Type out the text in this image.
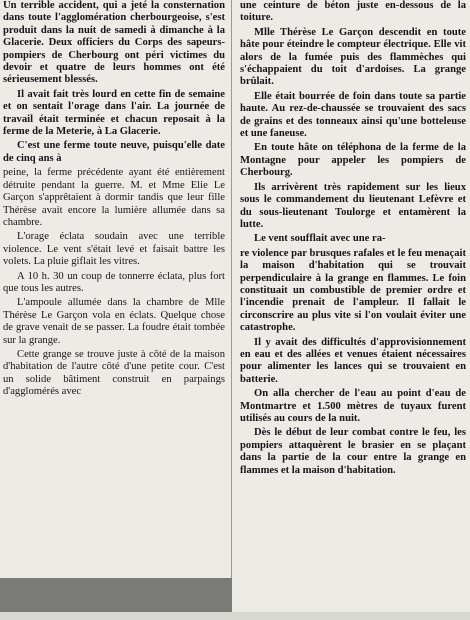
Un terrible accident, qui a jeté la consternation dans toute l'agglomération cherbourgeoise, s'est produit dans la nuit de samedi à dimanche à la Glacerie. Deux officiers du Corps des sapeurs-pompiers de Cherbourg ont péri victimes du devoir et quatre de leurs hommes ont été sérieusement blessés.

Il avait fait très lourd en cette fin de semaine et on sentait l'orage dans l'air. La journée de travail était terminée et chacun reposait à la ferme de la Meterie, à La Glacerie.

C'est une ferme toute neuve, puisqu'elle date de cinq ans à

peine, la ferme précédente ayant été entièrement détruite pendant la guerre. M. et Mme Elie Le Garçon s'apprêtaient à dormir tandis que leur fille Thérèse avait encore la lumière allumée dans sa chambre.

L'orage éclata soudain avec une terrible violence. Le vent s'était levé et faisait battre les volets. La pluie giflait les vitres.

A 10 h. 30 un coup de tonnerre éclata, plus fort que tous les autres.

L'ampoule allumée dans la chambre de Mlle Thérèse Le Garçon vola en éclats. Quelque chose de grave venait de se passer. La foudre était tombée sur la grange.

Cette grange se trouve juste à côté de la maison d'habitation de l'autre côté d'une petite cour. C'est un solide bâtiment construit en parpaings d'agglomérés avec

une ceinture de béton juste en-dessous de la toiture.

Mlle Thérèse Le Garçon descendit en toute hâte pour éteindre le compteur électrique. Elle vit alors de la fumée puis des flammèches qui s'échappaient du toit d'ardoises. La grange brûlait.

Elle était bourrée de foin dans toute sa partie haute. Au rez-de-chaussée se trouvaient des sacs de grains et des tonneaux ainsi qu'une botteleuse et une faneuse.

En toute hâte on téléphona de la ferme de la Montagne pour appeler les pompiers de Cherbourg.

Ils arrivèrent très rapidement sur les lieux sous le commandement du lieutenant Lefèvre et du sous-lieutenant Toulorge et entamèrent la lutte.

Le vent soufflait avec une ra-

re violence par brusques rafales et le feu menaçait la maison d'habitation qui se trouvait perpendiculaire à la grange en flammes. Le foin constituait un combustible de premier ordre et l'incendie prenait de l'ampleur. Il fallait le circonscrire au plus vite si l'on voulait éviter une catastrophe.

Il y avait des difficultés d'approvisionnement en eau et des allées et venues étaient nécessaires pour alimenter les lances qui se trouvaient en batterie.

On alla chercher de l'eau au point d'eau de Montmartre et 1.500 mètres de tuyaux furent utilisés au cours de la nuit.

Dès le début de leur combat contre le feu, les pompiers attaquèrent le brasier en se plaçant dans la partie de la cour entre la grange en flammes et la maison d'habitation.
